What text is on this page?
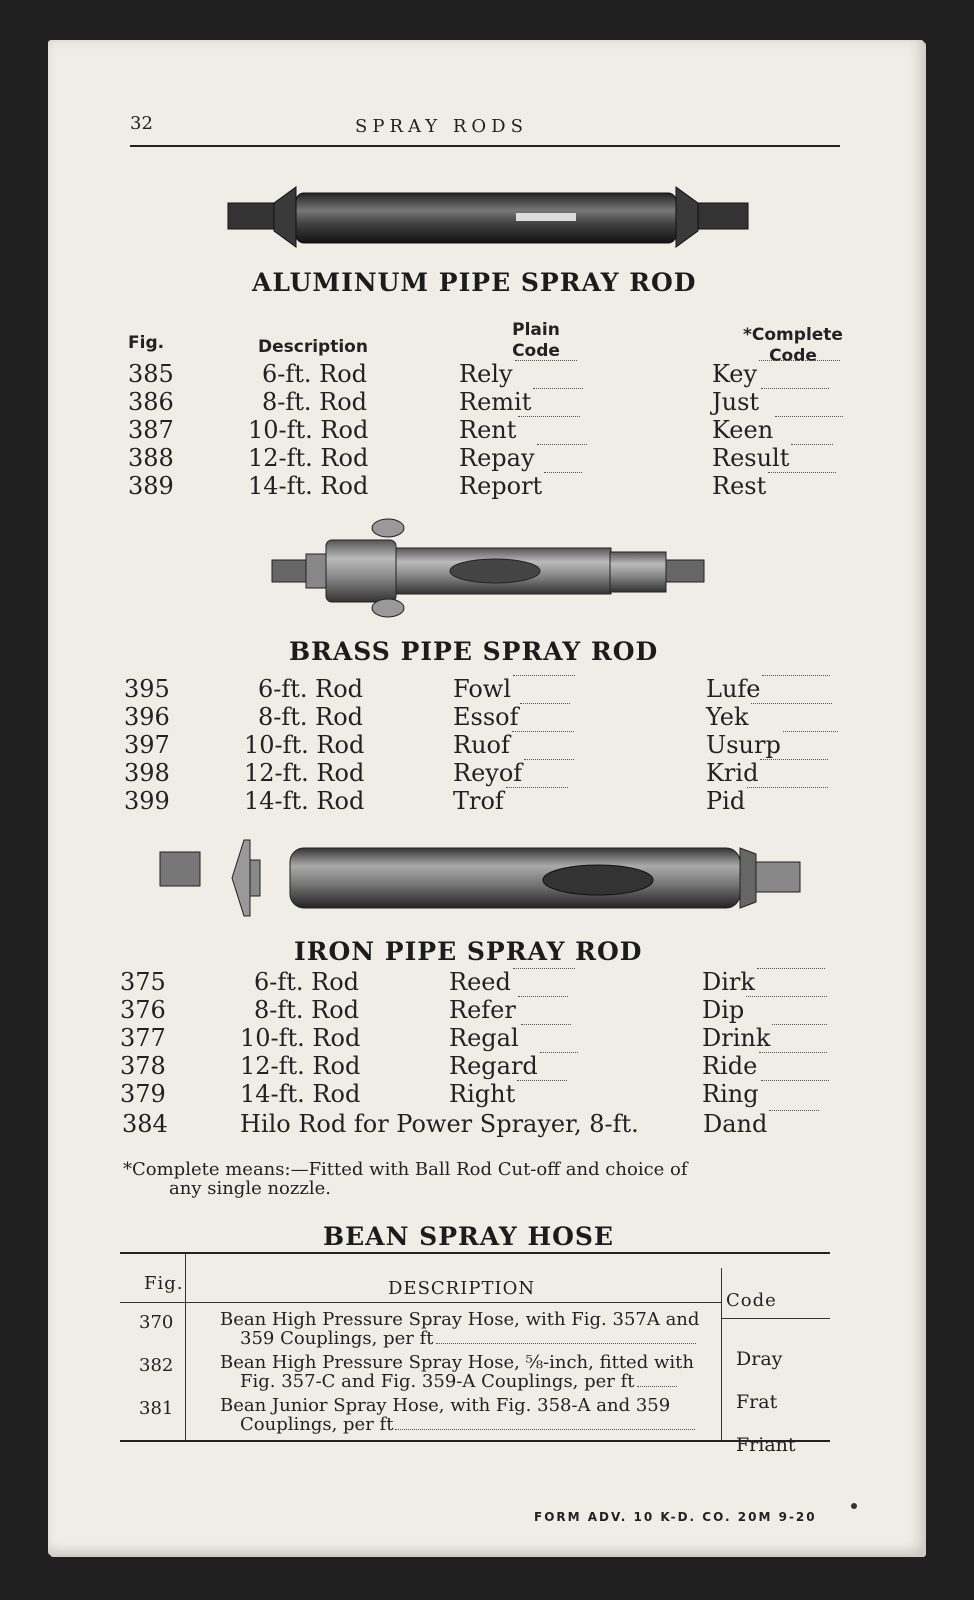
32	SPRAY RODS
ALUMINUM PIPE SPRAY ROD
Fig.	Description
Plain
Code
*Complete
Code
385	6-ft. Rod	Rely	Key
386	8-ft. Rod	Remit	Just
387	10-ft. Rod	Rent	Keen
388	12-ft. Rod	Repay	Result
389	14-ft. Rod	Report	Rest
BRASS PIPE SPRAY ROD
395	6-ft. Rod	Fowl	Lufe
396	8-ft. Rod	Essof	Yek
397	10-ft. Rod	Ruof	Usurp
398	12-ft. Rod	Reyof	Krid
399	14-ft. Rod	Trof	Pid
IRON PIPE SPRAY ROD
375	6-ft. Rod	Reed	Dirk
376	8-ft. Rod	Refer	Dip
377	10-ft. Rod	Regal	Drink
378	12-ft. Rod	Regard	Ride
379	14-ft. Rod	Right	Ring
384	Hilo Rod for Power Sprayer, 8-ft.	Dand
*Complete means:—Fitted with Ball Rod Cut-off and choice of
any single nozzle.
BEAN SPRAY HOSE
Fig.	DESCRIPTION
Code
370	Bean High Pressure Spray Hose, with Fig. 357A and
359 Couplings, per ft
Dray
382	Bean High Pressure Spray Hose, ⅝-inch, fitted with
Fig. 357-C and Fig. 359-A Couplings, per ft
Frat
381	Bean Junior Spray Hose, with Fig. 358-A and 359
Couplings, per ft
Friant
FORM ADV. 10 K-D. CO. 20M 9-20
